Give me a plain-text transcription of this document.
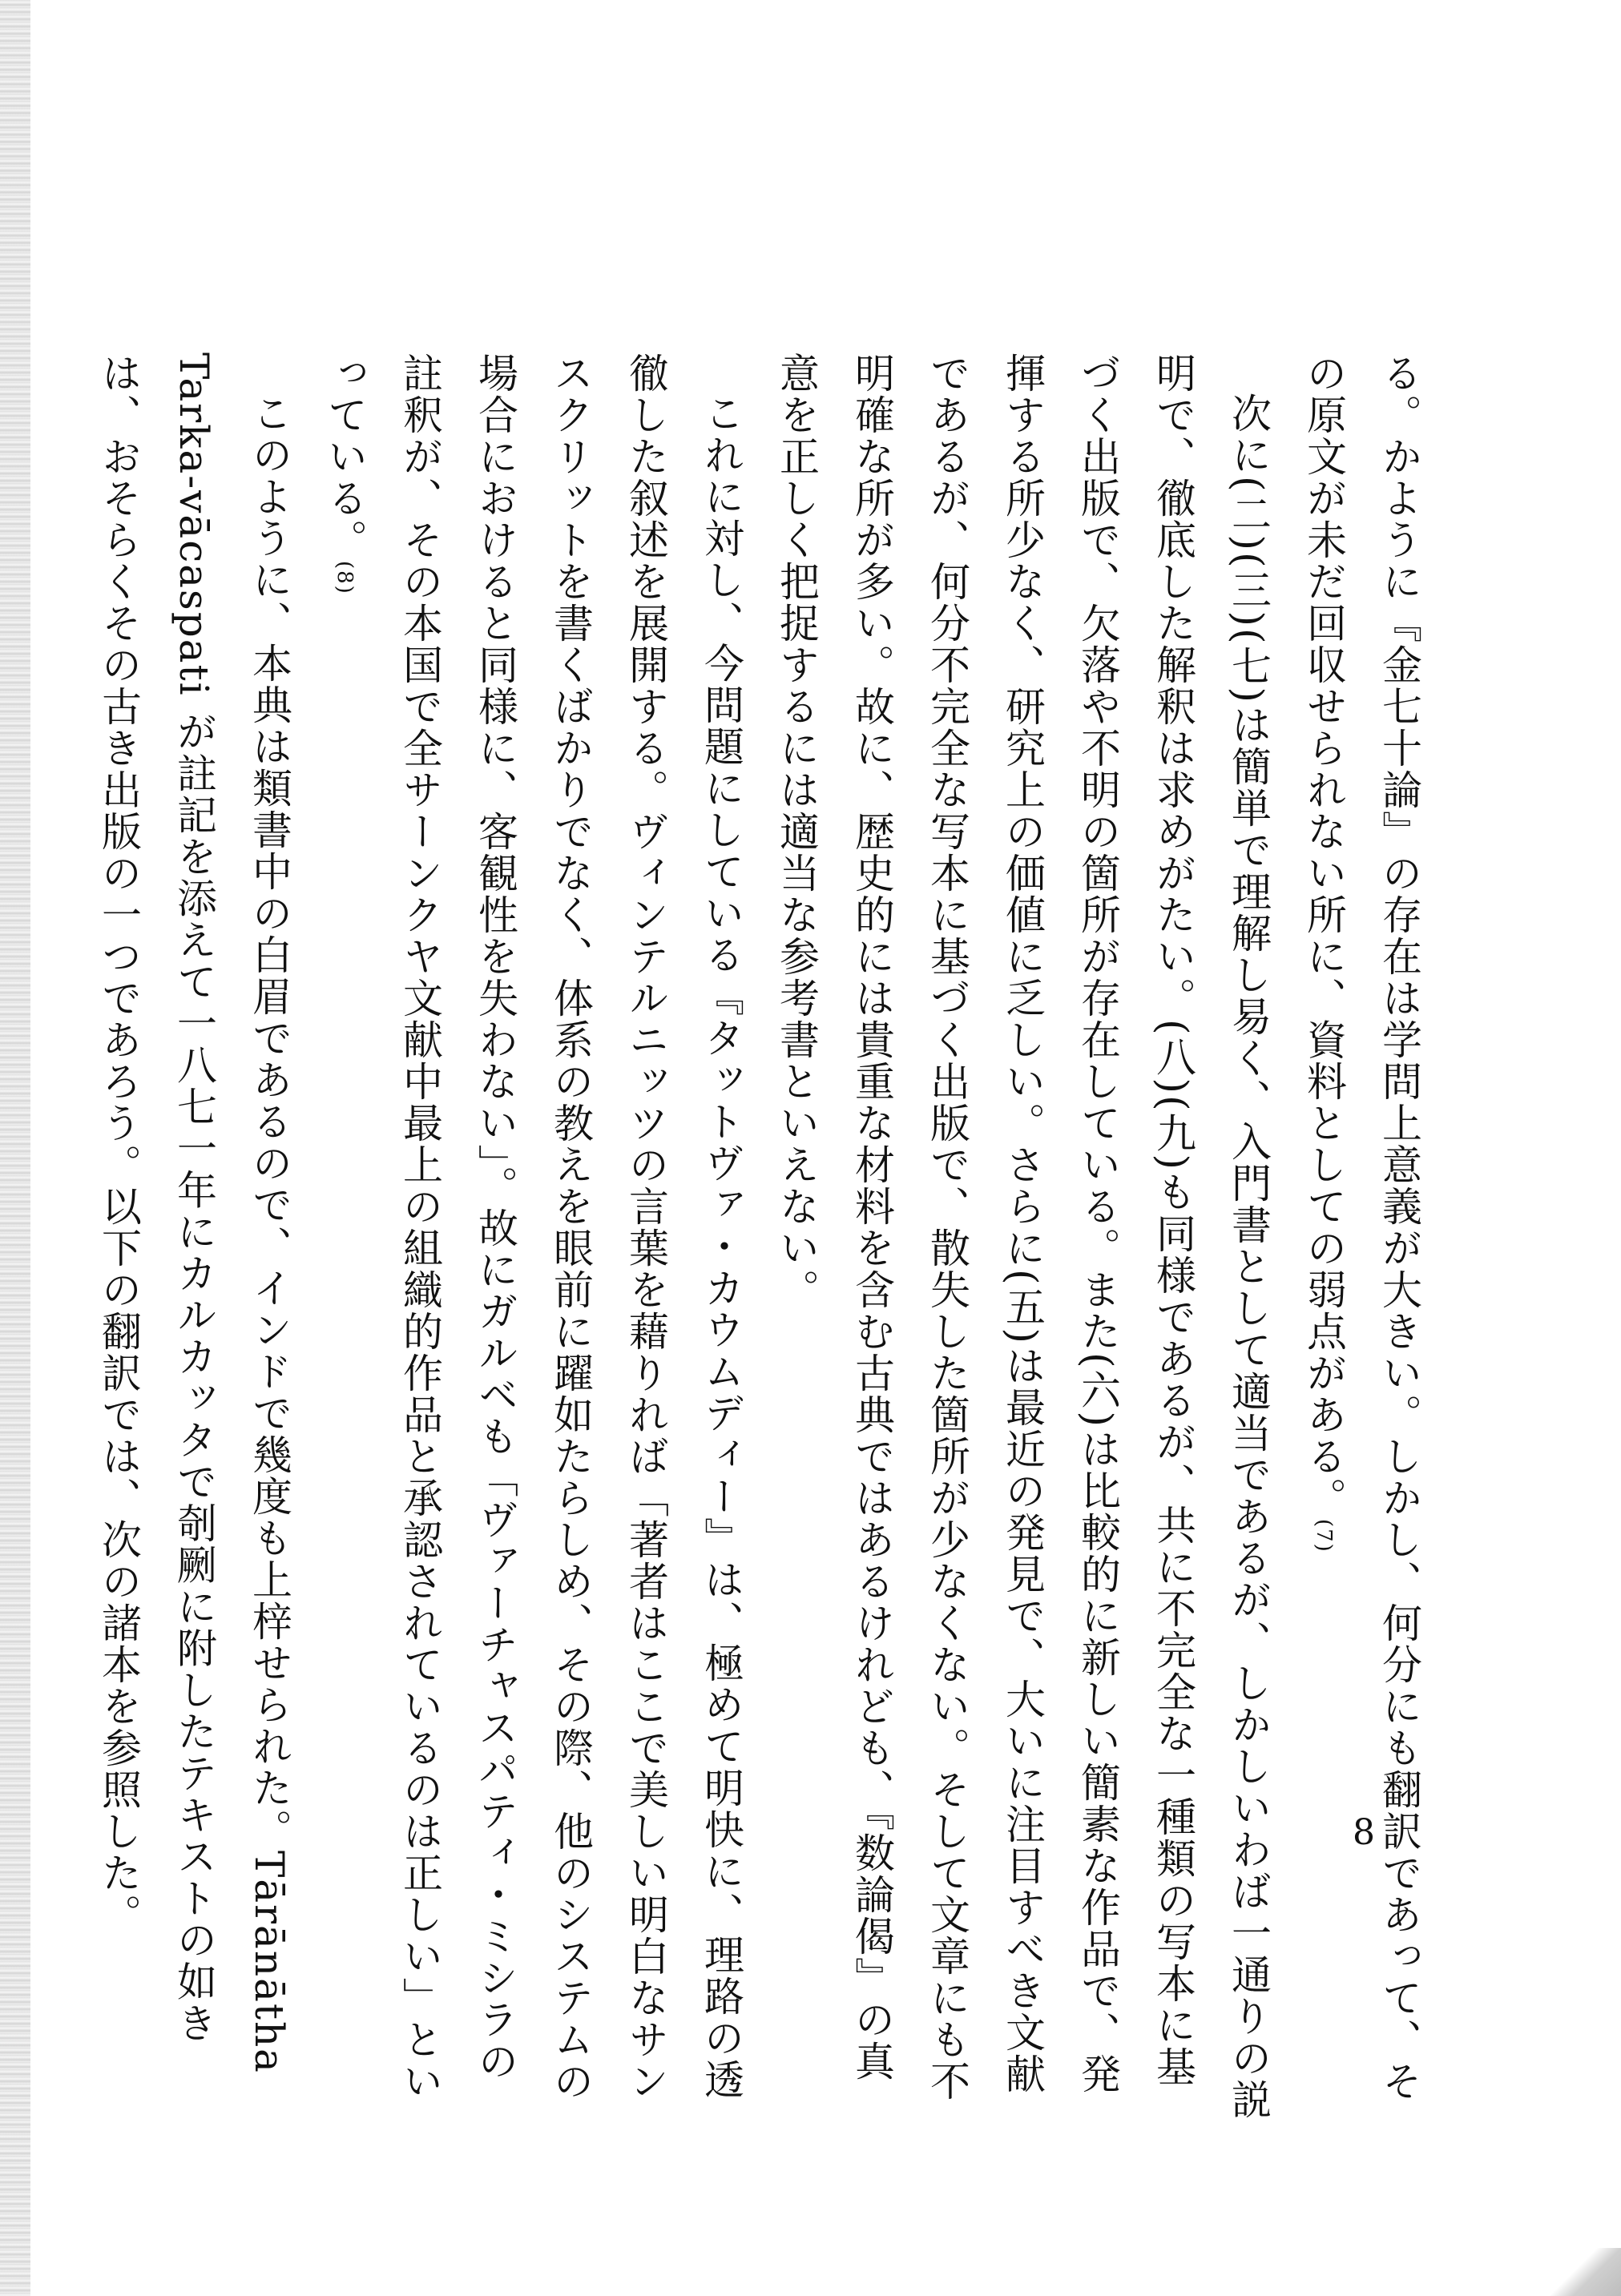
る。かように『金七十論』の存在は学問上意義が大きい。しかし、何分にも翻訳であって、その原文が未だ回収せられない所に、資料としての弱点がある。(7)

次に(二)(三)(七)は簡単で理解し易く、入門書として適当であるが、しかしいわば一通りの説明で、徹底した解釈は求めがたい。(八)(九)も同様であるが、共に不完全な一種類の写本に基づく出版で、欠落や不明の箇所が存在している。また(六)は比較的に新しい簡素な作品で、発揮する所少なく、研究上の価値に乏しい。さらに(五)は最近の発見で、大いに注目すべき文献であるが、何分不完全な写本に基づく出版で、散失した箇所が少なくない。そして文章にも不明確な所が多い。故に、歴史的には貴重な材料を含む古典ではあるけれども、『数論偈』の真意を正しく把捉するには適当な参考書といえない。

これに対し、今問題にしている『タットヴァ・カウムディー』は、極めて明快に、理路の透徹した叙述を展開する。ヴィンテルニッツの言葉を藉りれば「著者はここで美しい明白なサンスクリットを書くばかりでなく、体系の教えを眼前に躍如たらしめ、その際、他のシステムの場合におけると同様に、客観性を失わない」。故にガルベも「ヴァーチャスパティ・ミシラの註釈が、その本国で全サーンクヤ文献中最上の組織的作品と承認されているのは正しい」といっている。(8)

このように、本典は類書中の白眉であるので、インドで幾度も上梓せられた。Tārānātha Tarka-vācaspati が註記を添えて一八七一年にカルカッタで剞劂に附したテキストの如きは、おそらくその古き出版の一つであろう。以下の翻訳では、次の諸本を参照した。	8
